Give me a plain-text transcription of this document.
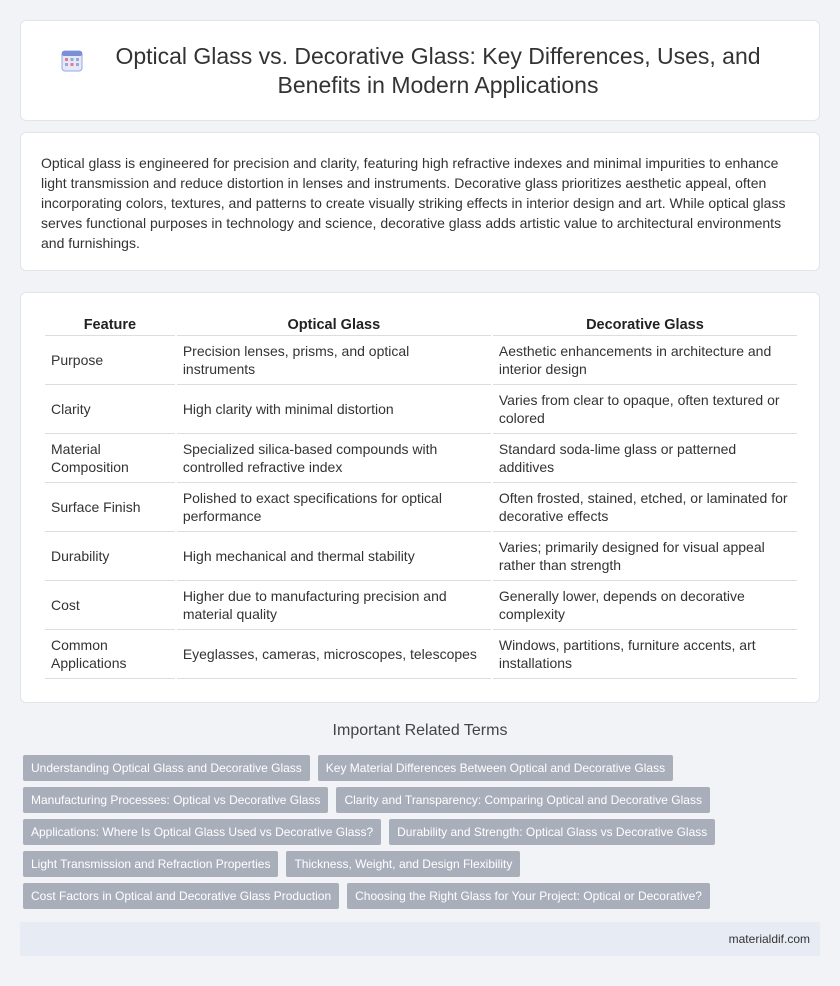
Optical Glass vs. Decorative Glass: Key Differences, Uses, and Benefits in Modern Applications

Optical glass is engineered for precision and clarity, featuring high refractive indexes and minimal impurities to enhance light transmission and reduce distortion in lenses and instruments. Decorative glass prioritizes aesthetic appeal, often incorporating colors, textures, and patterns to create visually striking effects in interior design and art. While optical glass serves functional purposes in technology and science, decorative glass adds artistic value to architectural environments and furnishings.

Feature	Optical Glass	Decorative Glass
Purpose	Precision lenses, prisms, and optical instruments	Aesthetic enhancements in architecture and interior design
Clarity	High clarity with minimal distortion	Varies from clear to opaque, often textured or colored
Material Composition	Specialized silica-based compounds with controlled refractive index	Standard soda-lime glass or patterned additives
Surface Finish	Polished to exact specifications for optical performance	Often frosted, stained, etched, or laminated for decorative effects
Durability	High mechanical and thermal stability	Varies; primarily designed for visual appeal rather than strength
Cost	Higher due to manufacturing precision and material quality	Generally lower, depends on decorative complexity
Common Applications	Eyeglasses, cameras, microscopes, telescopes	Windows, partitions, furniture accents, art installations
Important Related Terms
Understanding Optical Glass and Decorative Glass	Key Material Differences Between Optical and Decorative Glass
Manufacturing Processes: Optical vs Decorative Glass	Clarity and Transparency: Comparing Optical and Decorative Glass
Applications: Where Is Optical Glass Used vs Decorative Glass?	Durability and Strength: Optical Glass vs Decorative Glass
Light Transmission and Refraction Properties	Thickness, Weight, and Design Flexibility
Cost Factors in Optical and Decorative Glass Production	Choosing the Right Glass for Your Project: Optical or Decorative?
materialdif.com
